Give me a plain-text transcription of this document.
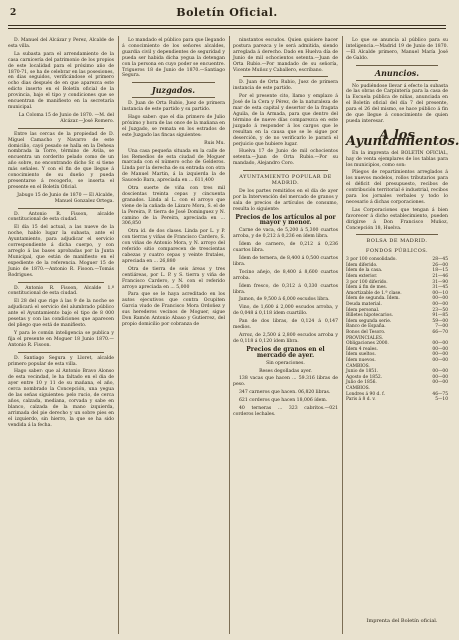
2	Boletín Oficial.

D. Manuel del Alcázar y Perez, Alcalde de esta villa.

La subasta para el arrendamiento de la casa carnicería del patrimonio de los propios de este localidad para el próximo año de 1870-71, se ha de celebrar en las posesiones, en dias seguidos, verificándose el primero ocho dias después de en que aparezca este edicto inserto en el Boletín oficial de la provincia, bajo el tipo y condiciones que se encuentran de manifiesto en la secretaría municipal.

La Coloma 15 de Junio de 1870. —M. del Alcázar.—José Romero.

Entre las cercas de la propiedad de D. Miguel Camacho y Navarro de este domicilio, cayó pesado se halla en la Dehesa nombrada la Torre, término de Avila, se encuentra un corderito pelado como de un año sobre, no encontrando dicho Sr. si tiene más señales. Y con el fin de que llegue á conocimiento de su dueño y pueda presentarse á recogerlo, se inserta el presente en el Boletín Oficial.

Jabugo 15 de Junio de 1870 — El Alcalde, Manuel Gonzalez Ortega.

D. Antonio R. Fisoon, alcalde constitucional de esta ciudad.

El día 15 del actual, a las nueve de la noche, hablo lugar la subasta, ante el Ayuntamiento, para adjudicar el servicio correspondiente á dicha cuerpo, y con arreglo á las bases aprobadas por la Junta Municipal, que están de manifiesto en el expediente de la referencia. Moguer 15 de Junio de 1870.—Antonio R. Fisoon.—Tomás Rodrigues.

D. Antonio R. Fisoon, Alcalde 1.º constitucional de esta ciudad.

El 28 del que rige á las 9 de la noche se adjudicará el servicio del alumbrado público ante el Ayuntamiento bajo el tipo de 8 000 pesetas y con las condiciones que aparecen del pliego que está de manifiesto.

Y para le común inteligencia se publica y fija el presente en Moguer 18 Junio 1870.—Antonio R. Fisoon.

D. Santiago Segura y Lloret, alcalde primero popular de esta villa.

Hago saber: que al Antonio Bravo Alonso de esta vecindad, le ha faltado en el dia de ayer entre 10 y 11 de su mañana, el año, cerca nombrado la Concepción, una yegua de las señas siguientes: pelo rucio, de cerca años, calzada, mediana, corvada y sabe en blanco, calzada de la mano izquierda, arrimada del pie derecho y un sobre pies en el izquierdo, sin hierro, la que se ha sido vendida á la fecha.

Lo mandado el público para que llegando á conocimiento de los señores alcaldes, guardia civil y dependientes de seguridad y pueda ser habida dicha yegua la detengan con la persona en cuyo poder se encuentre. Trigueros 18 de Junio de 1870.—Santiago Segura.

Juzgados.

D. Juan de Orta Rubio, Juez de primera instancia de este partido y su partido.

Hago saber: que el dia primero de Julio próximo y hora de las once de la mañana en el Juzgado, se remata en los estrados de este Juzgado las fincas siguientes:

Ruis Mu.

Una casa pequeña situada en la calle de los Remedios de esta ciudad de Moguer marcada con el número ocho de Gelderos. Linda por la derecha de su entrada con otra de Manuel Martin, á la izquierda la de Saucedo Bara, apreciada en ... 611,400

Otra suerte de viña con tres mil doscientas treinta cepas y cincuenta granados. Linda al L. con el arroyo que viene de la cañada de Lázaro Mora, S. el de la Pereira, P. tierra de José Dominguez y N. camino de la Pereira, apreciada en ... 306,850

Otra id. de dos clases. Linda por L. y P. con tierras y viñas de Francisco Cardero, S. con viñas de Antonio Mora, y N. arroyo del referido sitio comparecen de trescientas cabezas y cuatro cepas y veinte frutales, apreciada en ... 26,880

Otra de tierra de seis áreas y tres centiáreas, por L. P. y S. tierra y viña de Francisco Cardero, y N. con el referido arroyo apreciada en ... 5,000

Para que se le haya acreditado en los autos ejecutivos que contra Ocupiten Garcia viudo de Francisco Mora Ordoñez y sus herederos vecinos de Moguer, sigue Don Ramón Antonio Abaso y Gutierrez, del propio domicilio por cobranza de

ninstantos escudos. Quien quisiere hacer postura parezca y le será admitida, siendo arreglada á derecho. Dado en Huelva día de Junio de mil ochocientos setenta.—Juan de Orta Rubio.—Por mandado de su señoría, Vicente Muñoz y Caballero, escribano.

D. Juan de Orta Rubio, Juez de primera instancia de este partido.

Por el presente cito, llamo y emplazo á José de la Cera y Pérez, de la naturaleza de mar de esta capital y desertor de la fragata Aguila, de la Armada, para que dentro del término de nueve días comparezca en este juzgado á responder á los cargos que le resultan en la causa que se le sigue por deserción, y de no verificarlo le parará el perjuicio que hubiere lugar.

Huelva 17 de Junio de mil ochocientos setenta.—Juan de Orta Rubio.—Por su mandado, Alejandro Coro.

AYUNTAMIENTO POPULAR DE MADRID.

De los partes remitidos en el día de ayer por la Intervención del mercado de granos y sala de precios de artículos de consumo, resulta lo siguiente:

Precios de los artículos al por mayor y menor.

Carne de vaca, de 5,200 á 5,300 cuartos arroba, y de 0,212 á 0,236 en ídem libra.

Ídem de carnero, de 0,212 á 0,236 cuartos libra.

Ídem de ternera, de 8,400 á 0,500 cuartos libra.

Tocino añejo, de 8,400 á 8,600 cuartos arroba.

Ídem fresco, de 0,312 á 0,330 cuartos libra.

Jamon, de 9,500 á 6,000 escudos libra.

Vino, de 1,600 á 2,000 escudos arroba, y de 0,048 á 0,118 ídem cuartillo.

Pan de dos libras, de 0,124 á 0,147 medios.

Arroz, de 2,500 á 2,800 escudos arroba y de 0,118 á 0,120 ídem libra.

Precios de granos en el mercado de ayer.

Sin operaciones.

Reses degolladas ayer.

138 vacas que hacen ... 59.316 libras de peso.

347 carneros que hacen. 06,820 libras.

621 corderos que hacen 18,006 ídem.

40 terneras ... 323 cabritos.—021 corderos lechales.

Lo que se anuncia al público para su inteligencia.—Madrid 19 de Junio de 1870.—El Alcalde primero, Manuel María José de Galdo.

Anuncios.

No pudiéndose llevar á efecto la subasta de las obras de Carpintería para la casa de la Escuela pública de niñas, anunciada en el Boletín oficial del día 7 del presente, para el 26 del mismo, se hace público á fin de que llegue á conocimiento de quien pueda interesar.

A los Ayuntamientos.

En la imprenta del BOLETÍN OFICIAL, hay de venta ejemplares de los tablas para los municipios, como son:

Pliegos de repartimientos arreglados á los nuevos modelos, rollos tributarios para el déficit del presupuesto, recibos de contribución territorial é industrial, recibos para los jornales verbales y todo lo necesario á dichas corporaciones.

Las Corporaciones que tengan á bien favorecer á dicho establecimiento, pueden dirigirse á Don Francisco Muñoz, Concepción 18, Huelva.

BOLSA DE MADRID.
FONDOS PÚBLICOS.
3 por 100 consolidado.	28—45
Ídem diferido.	26—00
Ídem de la casa.	18—15
Ídem exterior.	21—46
3 por 100 diferido.	31—90
Ídem á fin de mes.	31—45
Amortizable de 1.ª clase.	00—10
Ídem de segunda. Ídem.	00—00
Deuda material.	00—00
Ídem personal.	23—50
Billetes hipotecarios.	91—85
Ídem segunda serie.	59—00
Banco de España.	7—00
Bonos del Tesoro.	66—70
PROVINCIALES.	
Obligaciones 2000.	00—00
Ídem 4 reales.	00—00
Ídem sueltos.	00—00
Ídem nuevos.	00—00
CAMBIOS.	
Junio de 1851.	00—00
Agosto de 1852.	00—00
Julio de 1856.	00—00
CAMBIOS.	
Londres á 90 d. f.	46—75
Paris á 8 d. v.	5—10
Imprenta del Boletín oficial.
